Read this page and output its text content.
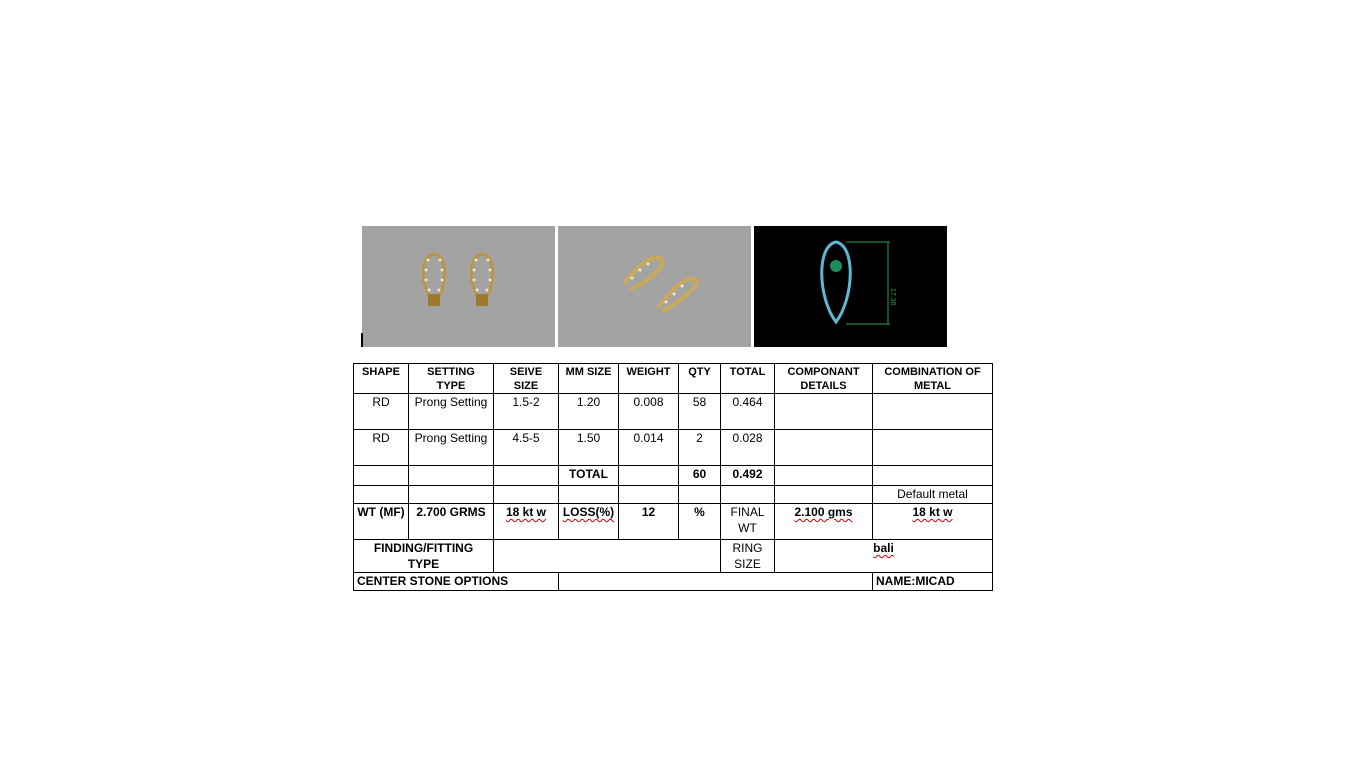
17.36
SHAPE	SETTING TYPE	SEIVE SIZE	MM SIZE	WEIGHT	QTY	TOTAL	COMPONANT DETAILS	COMBINATION OF METAL
RD	Prong Setting	1.5-2	1.20	0.008	58	0.464		
RD	Prong Setting	4.5-5	1.50	0.014	2	0.028		
			TOTAL		60	0.492		
								Default metal
WT (MF)	2.700 GRMS	18 kt w	LOSS(%)	12	%	FINAL WT	2.100 gms	18 kt w
FINDING/FITTING TYPE						RING SIZE	bali	
CENTER STONE OPTIONS								NAME:MICAD
